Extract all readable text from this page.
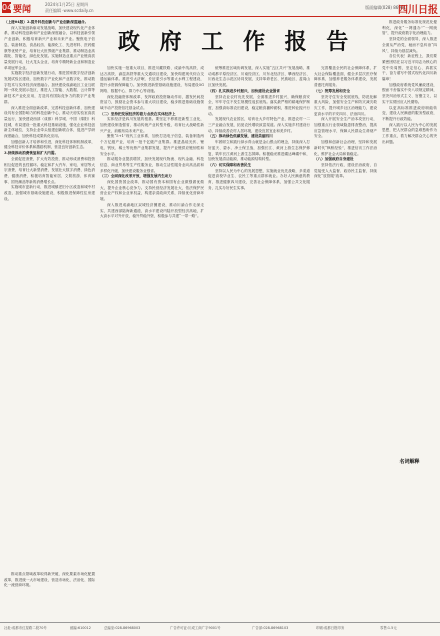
04 要闻
2024年1月25日 星期四
责任编辑 ·www.scdaily.cn
版面编辑(028) 86961
四川日报
政 府 工 作 报 告

（上接04版）2.提升科技创新与产业创新深度融合。

深入实施创新驱动发展战略，加快建设现代化产业体系，推动科技创新和产业创新深度融合，以科技创新引领产业创新，积极培育新兴产业和未来产业。聚焦电子信息、装备制造、食品轻纺、能源化工、先进材料、医药健康等优势产业，培育壮大世界级产业集群，推动制造业高端化、智能化、绿色化发展。实施制造业重点产业链高质量发展行动，壮大龙头企业，培育专精特新企业和制造业单项冠军企业。

实施数字经济创新发展行动，推进国家数字经济创新发展试验区建设，加快数字产业化和产业数字化，推动数字技术与实体经济深度融合。加快建设成渝地区工业互联网一体化发展示范区，推进人工智能、大数据、云计算等新技术产业化应用，打造具有国际竞争力的数字产业集群。

深入推进全面创新改革，完善科技创新体系，加快建设具有全国影响力的科技创新中心，推动天府实验室高质量运行，加快建设西部（成都）科学城、中国（绵阳）科技城，布局建设一批重大科技基础设施，强化企业科技创新主体地位，支持企业牵头组建创新联合体，促进产学研深度融合，加快科技成果转化应用。

加强创新人才培养和引进，深化科技体制机制改革，健全科技评价体系和激励机制，营造良好创新生态。

3.持续推动消费恢复和扩大内需。

全面促进消费，扩大有效投资，推动形成消费和投资相互促进的良性循环。稳定和扩大汽车、家电、家居等大宗消费，培育壮大新型消费，发展壮大数字消费、绿色消费、健康消费，积极培育智能家居、文娱旅游、体育赛事、国货潮品等新的消费增长点。

实施城市更新行动，推进城镇老旧小区改造和城中村改造，加强城市基础设施建设，积极推进保障性住房建设。

推动重点领域改革取得新突破，深化要素市场化配置改革，推进统一大市场建设，营造市场化、法治化、国际化一流营商环境。

加快实施一批重大项目，推进川藏铁路、成渝中线高铁、成达万高铁、渝昆高铁等重大交通项目建设，加快构建现代综合交通运输体系。推进引大济岷、长征渠引水等重大水利工程建设，提升水资源保障能力。加快推进新型基础设施建设，布局建设5G网络、数据中心、算力中心等设施。

深化投融资体制改革，发挥政府投资撬动作用，激发民间投资活力，鼓励社会资本参与重大项目建设，稳步推进基础设施领域不动产投资信托基金试点。

（二）坚持把发展经济的着力点放在实体经济上

实体经济是四川发展的根基。要坚定不移推进新型工业化，加快建设制造强省，推动传统产业转型升级，培育壮大战略性新兴产业，前瞻布局未来产业。

聚焦“5+1”现代工业体系，加快打造电子信息、装备制造两个万亿级产业，培育一批千亿级产业集群。推进晶硅光伏、锂电、钒钛、稀土等优势产业集群发展，提升产业链供应链韧性和安全水平。

推动服务业提质增效，加快发展现代物流、现代金融、科技信息、商业贸易等生产性服务业，推动生活性服务业向高品质和多样化升级，加快建设服务业强省。

（三）全面深化改革开放，增强发展内生动力

深化国资国企改革，推动国有资本和国有企业做强做优做大，提升企业核心竞争力。支持民营经济发展壮大，依法保护民营企业产权和企业家权益，构建亲清政商关系，持续优化营商环境。

深入推进成渝地区双城经济圈建设，推动川渝合作走深走实，共建西部陆海新通道，高水平建设内陆开放型经济高地，扩大高水平对外开放，稳外贸稳外资，积极参与共建“一带一路”。

统筹推进区域协调发展，深入实施“五区共兴”发展战略，推动成都平原经济区、川南经济区、川东北经济区、攀西经济区、川西北生态示范区协同发展，支持革命老区、民族地区、盆周山区加快发展。

（四）扎实推进乡村振兴，加快建设农业强省

坚持农业农村优先发展，全面推进乡村振兴，确保粮食安全，牢牢守住不发生规模性返贫底线。落实最严格的耕地保护制度，加强高标准农田建设，稳定粮食播种面积，推进种业振兴行动。

发展现代农业园区，培育壮大乡村特色产业，推进农村一二三产业融合发展，拓宽农民增收致富渠道。深入实施乡村建设行动，持续改善农村人居环境，建设宜居宜业和美乡村。

（五）推动绿色低碳发展，建设美丽四川

牢固树立和践行绿水青山就是金山银山的理念，持续深入打好蓝天、碧水、净土保卫战，加强长江、黄河上游生态保护修复，筑牢长江黄河上游生态屏障。积极稳妥推进碳达峰碳中和，加快发展清洁能源，推动能源结构转型。

（六）切实保障和改善民生

坚持以人民为中心的发展思想，实施就业优先战略，多渠道促进高校毕业生、农民工等重点群体就业。办好人民满意的教育，推进健康四川建设，完善社会保障体系，加强公共文化服务，扎实办好民生实事。

完善覆盖全民的社会保障体系，扩大社会保险覆盖面，健全多层次医疗保障体系，加强养老服务体系建设，发展普惠托育服务。

（七）统筹发展和安全

坚决守住安全发展底线，防范化解重大风险，加强安全生产和防灾减灾救灾工作，提升城乡社区治理能力，建设更高水平的平安四川、法治四川。

深入开展安全生产治本攻坚行动，加强重点行业领域隐患排查整治，提高应急管理水平，保障人民群众生命财产安全。

加强和创新社会治理，坚持和发展新时代“枫桥经验”，推进信访工作法治化，维护社会大局和谐稳定。

（八）加强政府自身建设

坚持依法行政，建设法治政府，自觉接受人大监督、政协民主监督，持续深化“放管服”改革。

推进政务服务标准化规范化便利化，深化“一网通办”“一网统管”，提升政府数字化治理能力。

坚持党的全面领导，深入推进全面从严治党，驰而不息纠治“四风”，持续为基层减负。

各位代表！新征程上，我们要紧密团结在以习近平同志为核心的党中央周围，坚定信心、真抓实干，奋力谱写中国式现代化四川新篇章！

加强政府系统党风廉政建设，锲而不舍落实中央八项规定精神，坚决纠治形式主义、官僚主义，以实干实绩回应人民期待。

以更高标准推进政府职能转变，建设人民满意的服务型政府，不断提升行政效能。

深入践行以人民为中心的发展思想，把人民群众的急难愁盼作为工作重点，着力解决群众关心的突出问题。

名词解释
社址:成都市红星路二段70号	邮编:610012	总编室:028-86968003	广告许可证:川成工商广字9001号	广告部:028-86968103	印刷:成都日报印务	零售:1.5元
